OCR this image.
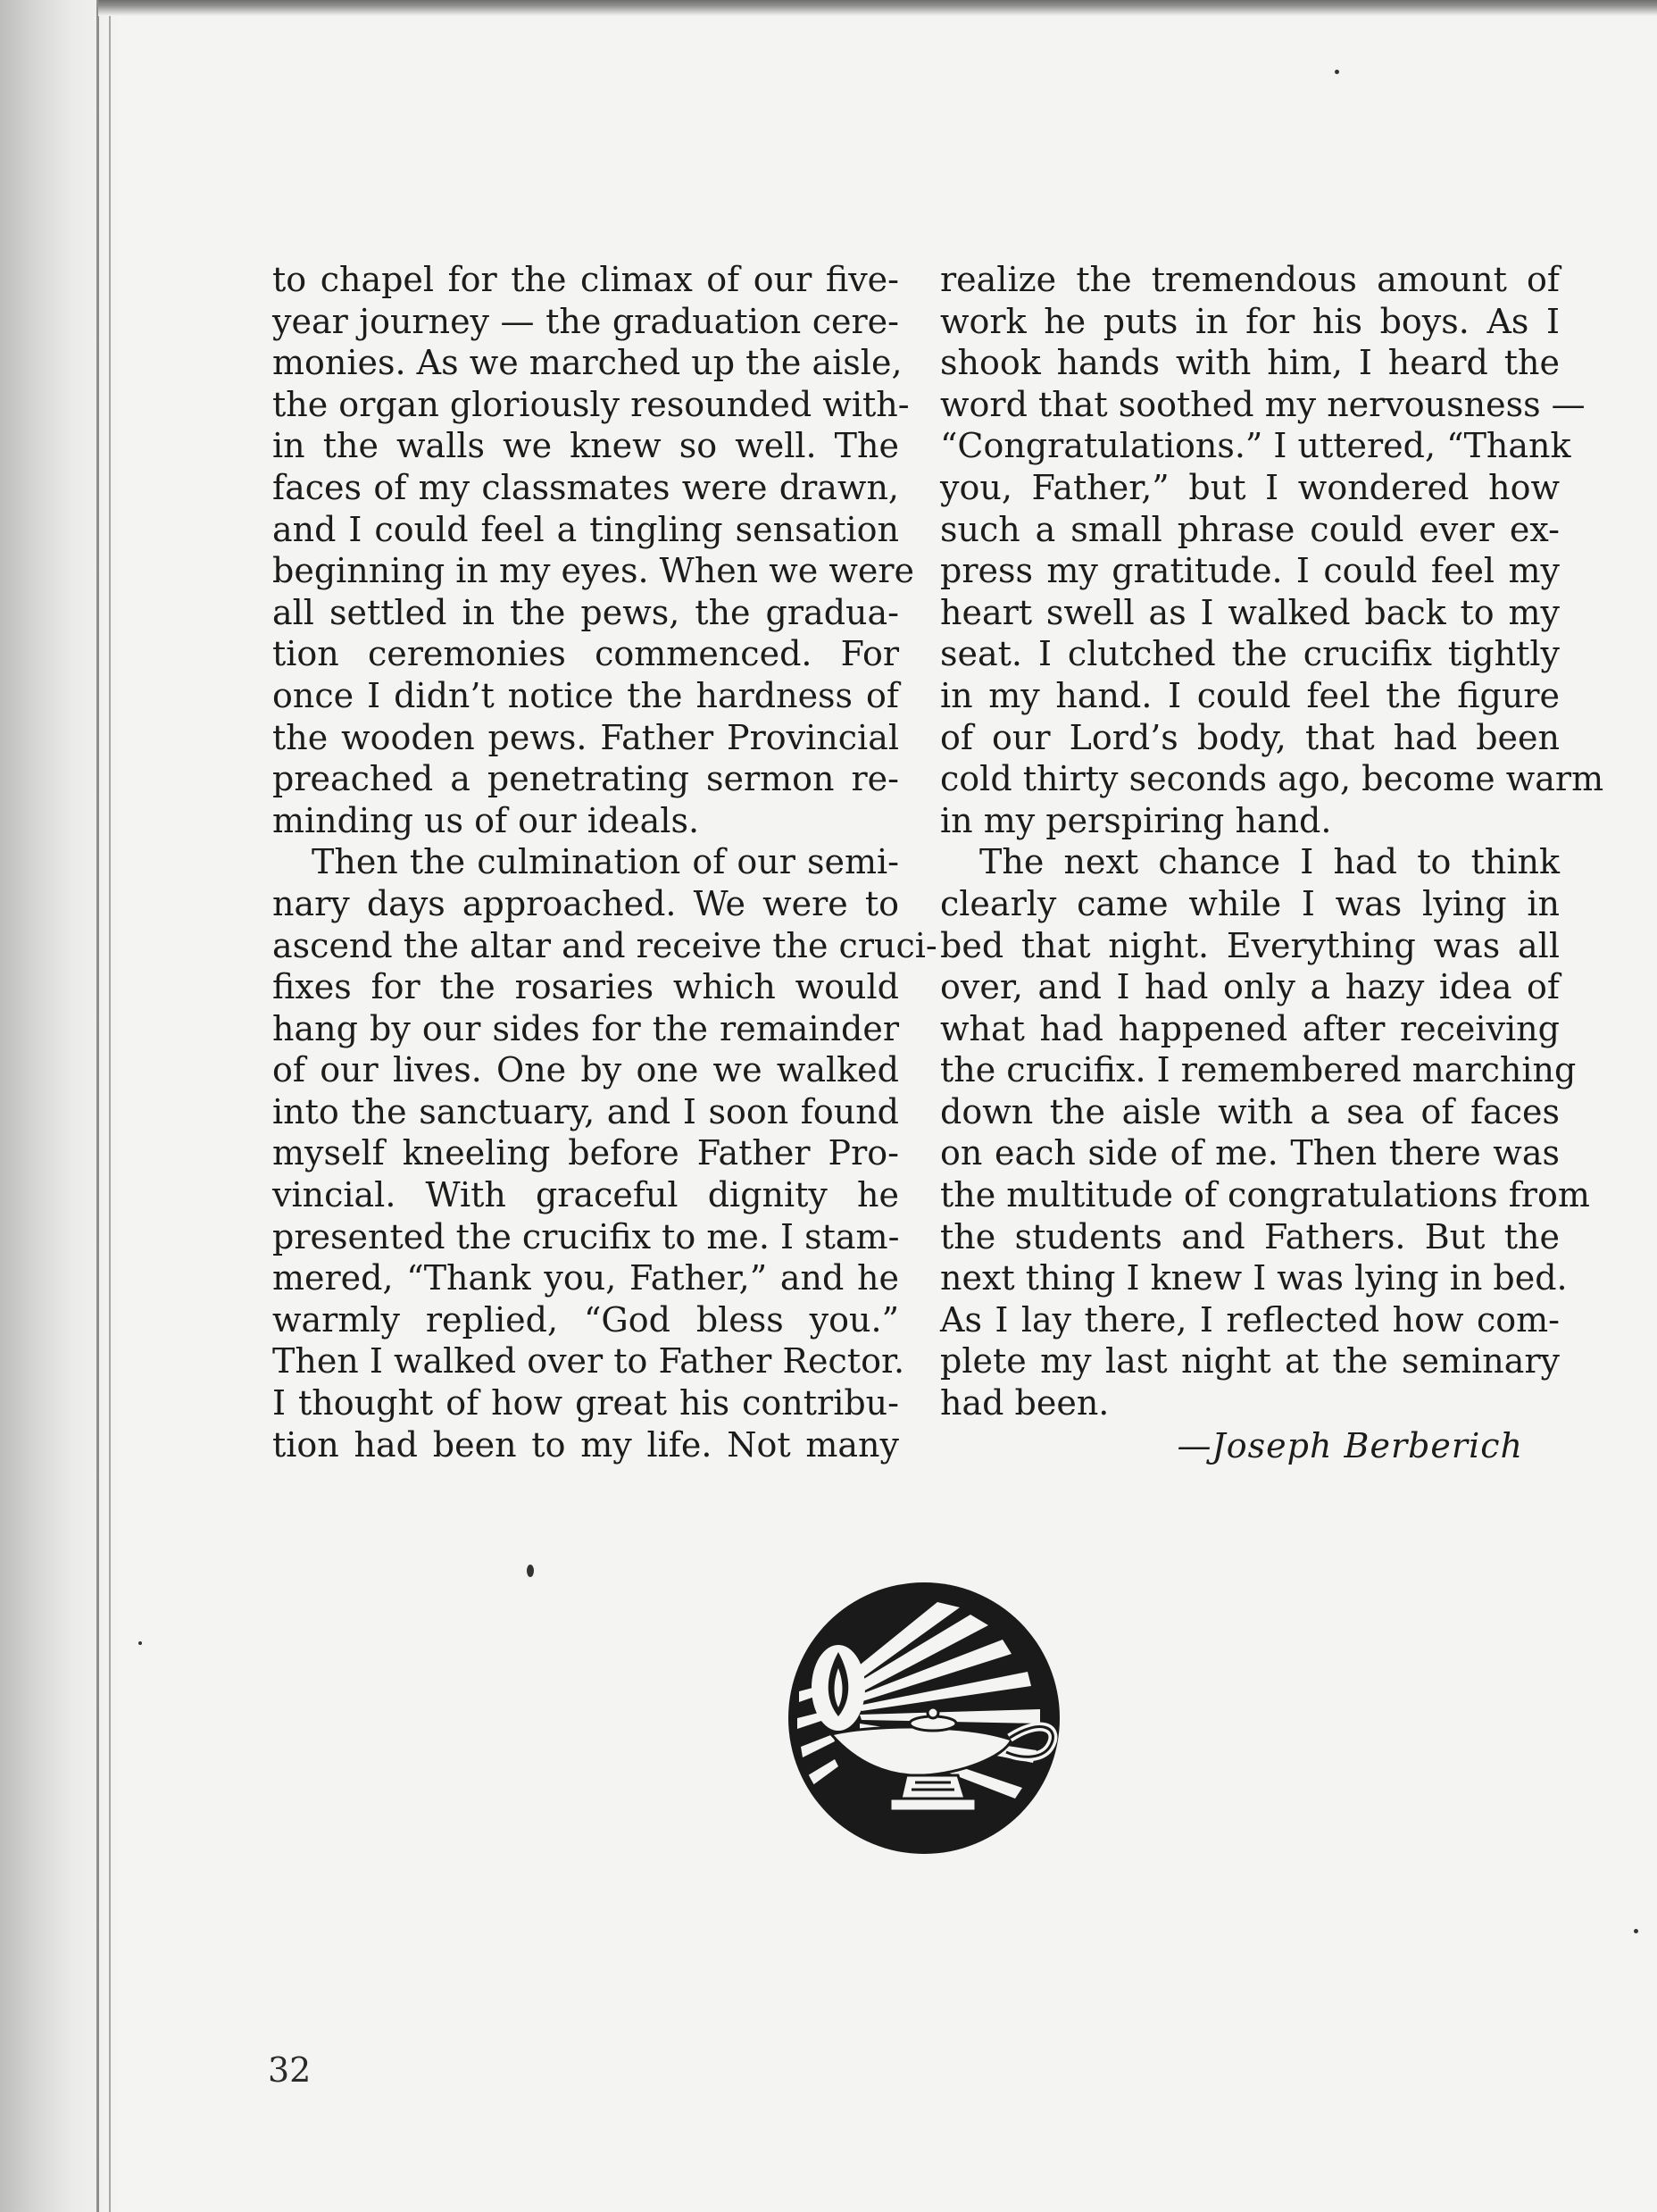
to chapel for the climax of our five-
year journey — the graduation cere-
monies. As we marched up the aisle,
the organ gloriously resounded with-
in the walls we knew so well. The
faces of my classmates were drawn,
and I could feel a tingling sensation
beginning in my eyes. When we were
all settled in the pews, the gradua-
tion ceremonies commenced. For
once I didn’t notice the hardness of
the wooden pews. Father Provincial
preached a penetrating sermon re-
minding us of our ideals.
Then the culmination of our semi-
nary days approached. We were to
ascend the altar and receive the cruci-
fixes for the rosaries which would
hang by our sides for the remainder
of our lives. One by one we walked
into the sanctuary, and I soon found
myself kneeling before Father Pro-
vincial. With graceful dignity he
presented the crucifix to me. I stam-
mered, “Thank you, Father,” and he
warmly replied, “God bless you.”
Then I walked over to Father Rector.
I thought of how great his contribu-
tion had been to my life. Not many
realize the tremendous amount of
work he puts in for his boys. As I
shook hands with him, I heard the
word that soothed my nervousness —
“Congratulations.” I uttered, “Thank
you, Father,” but I wondered how
such a small phrase could ever ex-
press my gratitude. I could feel my
heart swell as I walked back to my
seat. I clutched the crucifix tightly
in my hand. I could feel the figure
of our Lord’s body, that had been
cold thirty seconds ago, become warm
in my perspiring hand.
The next chance I had to think
clearly came while I was lying in
bed that night. Everything was all
over, and I had only a hazy idea of
what had happened after receiving
the crucifix. I remembered marching
down the aisle with a sea of faces
on each side of me. Then there was
the multitude of congratulations from
the students and Fathers. But the
next thing I knew I was lying in bed.
As I lay there, I reflected how com-
plete my last night at the seminary
had been.
—Joseph Berberich
32
